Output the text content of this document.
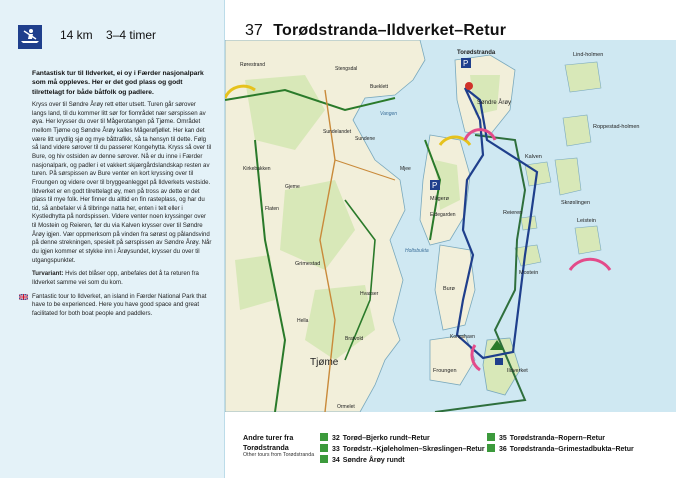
14 km 3–4 timer	37 Torødstranda–Ildverket–Retur

Fantastisk tur til Ildverket, ei oy i Færder nasjonalpark som må oppleves. Her er det god plass og godt tilrettelagt for både båtfolk og padlere.

Kryss over til Søndre Årøy rett etter utsett. Turen går sørover langs land, til du kommer litt sør for fiområdet nær sørspissen av øya. Her krysser du over til Mågerotangen på Tjøme. Området mellom Tjøme og Søndre Årøy kalles Mågerøfjøllet. Her kan det være litt urydlig sjø og mye båttrafikk, så ta hensyn til dette. Følg så land videre sørover til du passerer Kongehytta. Kryss så over til Bure, og hiv ostsiden av denne sørover. Nå er du inne i Færder nasjonalpark, og padler i et vakkert skjærgårdslandskap resten av turen. På sørspissen av Bure venter en kort kryssing over til Froungen og videre over til bryggeanlegget på Ildverkets vestside. Ildverket er en godt tilrettelagt øy, men på tross av dette er det plass til mye folk. Her finner du alltid en fin rasteplass, og har du tid, så anbefaler vi å tilbringe natta her, enten i telt eller i Kystledhytta på nordspissen. Videre venter noen kryssinger over til Mostein og Reieren, før du via Kalven krysser over til Søndre Årøy igjen. Vær oppmerksom på vinden fra sørøst og pålandsvind på denne strekningen, spesielt på sørspissen av Søndre Årøy. Når du igjen kommer et stykke inn i Årøysundet, krysser du over til utgangspunktet.

Turvariant: Hvis det blåser opp, anbefales det å ta returen fra Ildverket samme vei som du kom.

Fantastic tour to Ildverket, an island in Færder National Park that have to be experienced. Here you have good space and great facilitated for both boat people and paddlers.

P
P
Torødstranda
Søndre Årøy
Lind-holmen
Roppestad-holmen
Kalven
Skrøslingen
Leistein
Reieren
Mostein
Burø
Kongshavn
Froungen	Ildverket
Mågerø
Eldegarden
Tjøme
Grimestad
Sundene
Hvasser
Holtsbukta
Ormelet
Bratvold
Hella
Kirkebakken
Flaten
Bueklett
Gjeme
Sundelandet
Rørestrand
Stengsdal
Mjee
Vangen
Andre turer fra Torødstranda
Other tours from Torødstranda
32 Torød–Bjerko rundt–Retur
33 Torødstr.–Kjøleholmen–Skrøslingen–Retur
34 Søndre Årøy rundt
35 Torødstranda–Ropern–Retur
36 Torødstranda–Grimestadbukta–Retur
